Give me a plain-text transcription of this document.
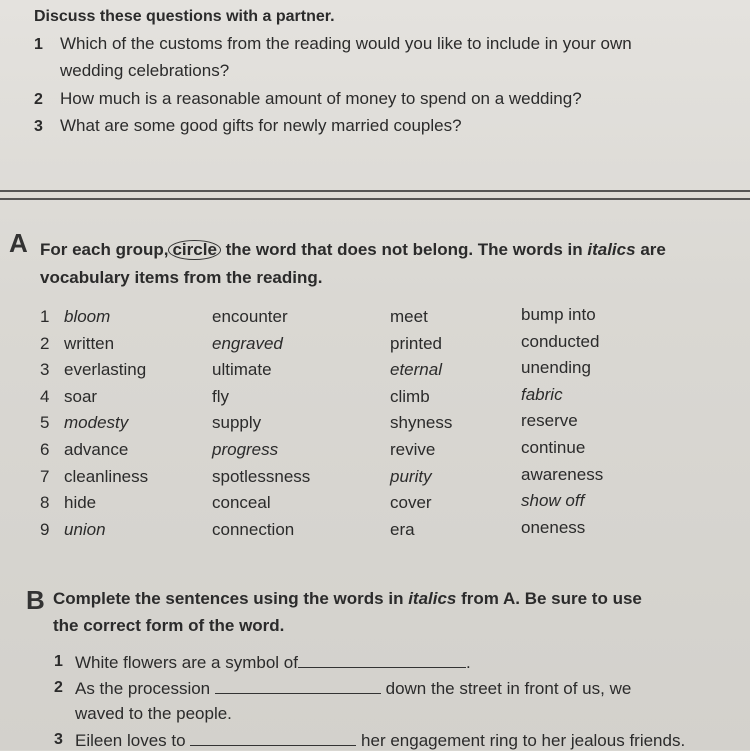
Discuss these questions with a partner.
1 Which of the customs from the reading would you like to include in your own
wedding celebrations?
2 How much is a reasonable amount of money to spend on a wedding?
3 What are some good gifts for newly married couples?
A For each group, circle the word that does not belong. The words in italics are
vocabulary items from the reading.
1 bloom	encounter	meet	bump into
2 written	engraved	printed	conducted
3 everlasting	ultimate	eternal	unending
4 soar	fly	climb	fabric
5 modesty	supply	shyness	reserve
6 advance	progress	revive	continue
7 cleanliness	spotlessness	purity	awareness
8 hide	conceal	cover	show off
9 union	connection	era	oneness
B Complete the sentences using the words in italics from A. Be sure to use
the correct form of the word.
1 White flowers are a symbol of	.
2 As the procession	down the street in front of us, we
waved to the people.
3 Eileen loves to	her engagement ring to her jealous friends.
